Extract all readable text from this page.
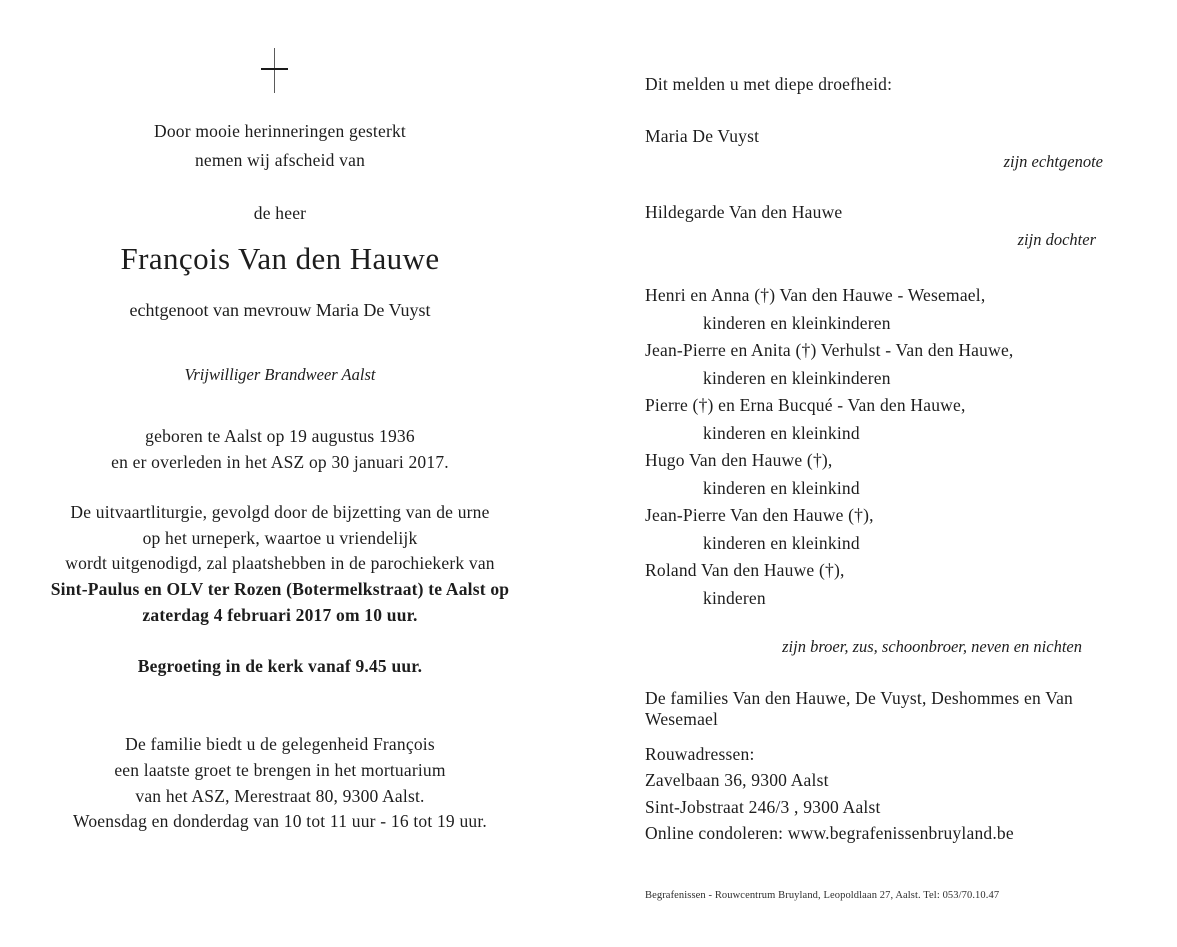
Door mooie herinneringen gesterkt
nemen wij afscheid van
de heer
François Van den Hauwe
echtgenoot van mevrouw Maria De Vuyst
Vrijwilliger Brandweer Aalst
geboren te Aalst op 19 augustus 1936
en er overleden in het ASZ op 30 januari 2017.
De uitvaartliturgie, gevolgd door de bijzetting van de urne
op het urneperk, waartoe u vriendelijk
wordt uitgenodigd, zal plaatshebben in de parochiekerk van
Sint-Paulus en OLV ter Rozen (Botermelkstraat) te Aalst op
zaterdag 4 februari 2017 om 10 uur.
Begroeting in de kerk vanaf 9.45 uur.
De familie biedt u de gelegenheid François
een laatste groet te brengen in het mortuarium
van het ASZ, Merestraat 80, 9300 Aalst.
Woensdag en donderdag van 10 tot 11 uur - 16 tot 19 uur.
Dit melden u met diepe droefheid:
Maria De Vuyst
zijn echtgenote
Hildegarde Van den Hauwe
zijn dochter
Henri en Anna (†) Van den Hauwe - Wesemael,
kinderen en kleinkinderen
Jean-Pierre en Anita (†) Verhulst - Van den Hauwe,
kinderen en kleinkinderen
Pierre (†) en Erna Bucqué - Van den Hauwe,
kinderen en kleinkind
Hugo Van den Hauwe (†),
kinderen en kleinkind
Jean-Pierre Van den Hauwe (†),
kinderen en kleinkind
Roland Van den Hauwe (†),
kinderen
zijn broer, zus, schoonbroer, neven en nichten
De families Van den Hauwe, De Vuyst, Deshommes en Van Wesemael
Rouwadressen:
Zavelbaan 36, 9300 Aalst
Sint-Jobstraat 246/3 , 9300 Aalst
Online condoleren: www.begrafenissenbruyland.be
Begrafenissen - Rouwcentrum Bruyland, Leopoldlaan 27, Aalst. Tel: 053/70.10.47
